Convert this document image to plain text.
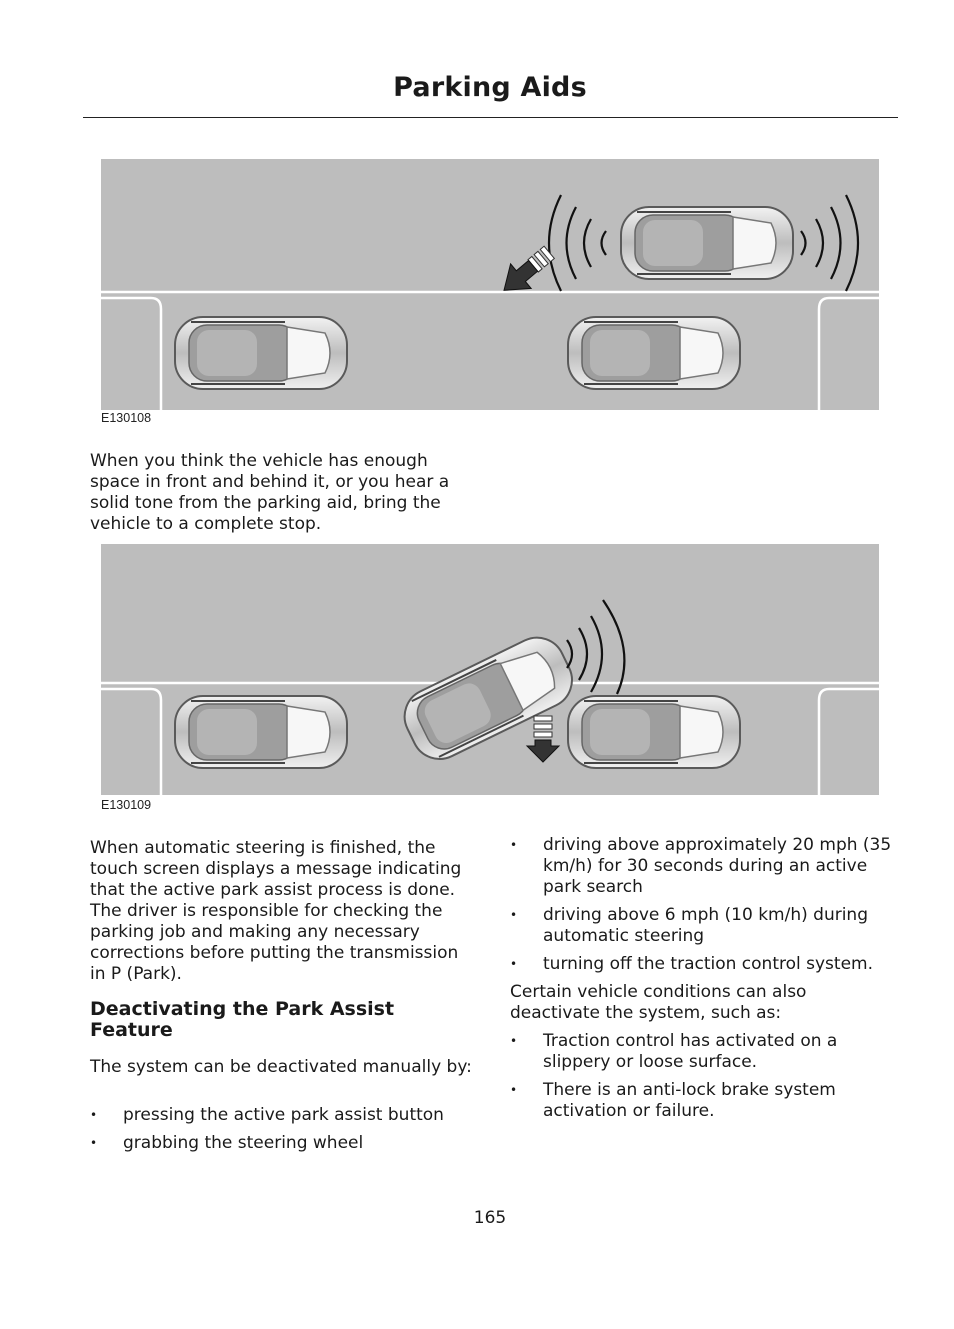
Parking Aids
E130108

When you think the vehicle has enough space in front and behind it, or you hear a solid tone from the parking aid, bring the vehicle to a complete stop.

E130109

When automatic steering is finished, the touch screen displays a message indicating that the active park assist process is done. The driver is responsible for checking the parking job and making any necessary corrections before putting the transmission in P (Park).

Deactivating the Park Assist Feature

The system can be deactivated manually by:

• pressing the active park assist button
• grabbing the steering wheel
• driving above approximately 20 mph (35 km/h) for 30 seconds during an active park search
• driving above 6 mph (10 km/h) during automatic steering
• turning off the traction control system.

Certain vehicle conditions can also deactivate the system, such as:

• Traction control has activated on a slippery or loose surface.
• There is an anti-lock brake system activation or failure.
165
